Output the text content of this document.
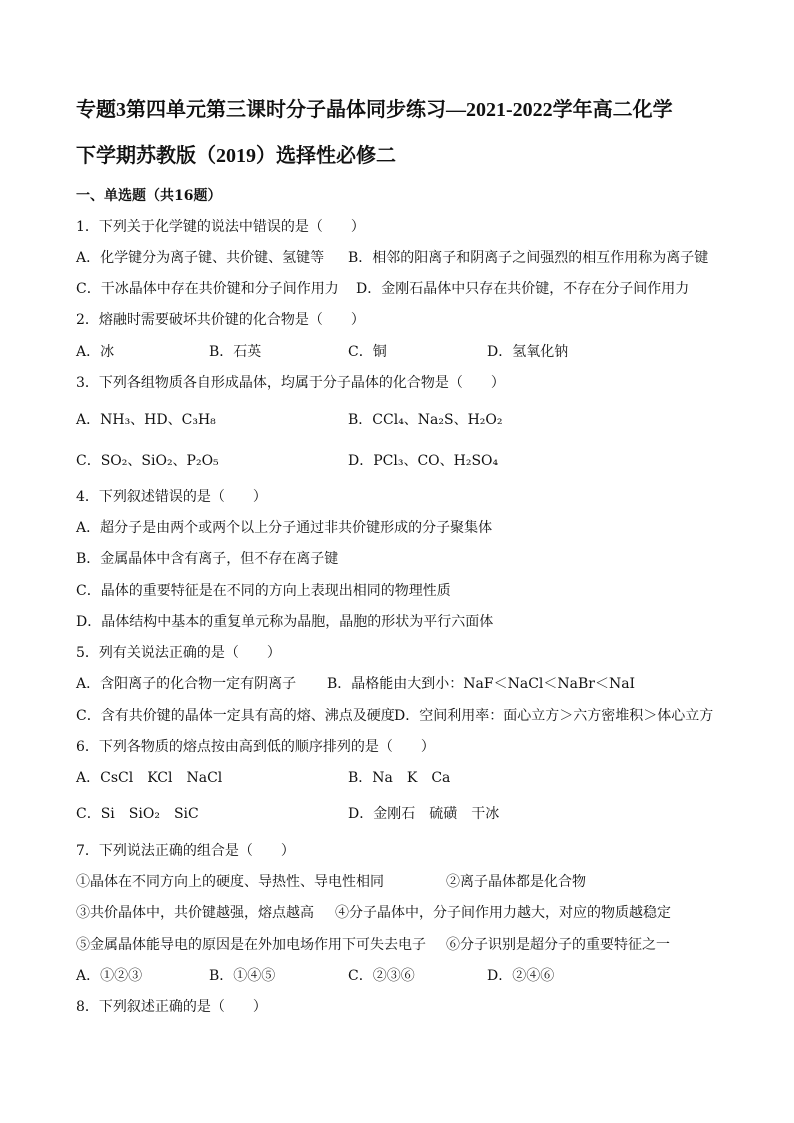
专题3第四单元第三课时分子晶体同步练习—2021-2022学年高二化学
下学期苏教版（2019）选择性必修二
一、单选题（共16题）
1．下列关于化学键的说法中错误的是（　　）
A．化学键分为离子键、共价键、氢键等 B．相邻的阳离子和阴离子之间强烈的相互作用称为离子键
C．干冰晶体中存在共价键和分子间作用力 D．金刚石晶体中只存在共价键，不存在分子间作用力
2．熔融时需要破坏共价键的化合物是（　　）
A．冰	B．石英	C．铜	D．氢氧化钠
3．下列各组物质各自形成晶体，均属于分子晶体的化合物是（　　）
A．NH₃、HD、C₃H₈	B．CCl₄、Na₂S、H₂O₂
C．SO₂、SiO₂、P₂O₅	D．PCl₃、CO、H₂SO₄
4．下列叙述错误的是（　　）
A．超分子是由两个或两个以上分子通过非共价键形成的分子聚集体
B．金属晶体中含有离子，但不存在离子键
C．晶体的重要特征是在不同的方向上表现出相同的物理性质
D．晶体结构中基本的重复单元称为晶胞，晶胞的形状为平行六面体
5．列有关说法正确的是（　　）
A．含阳离子的化合物一定有阴离子 B．晶格能由大到小：NaF＜NaCl＜NaBr＜NaI
C．含有共价键的晶体一定具有高的熔、沸点及硬度 D．空间利用率：面心立方＞六方密堆积＞体心立方
6．下列各物质的熔点按由高到低的顺序排列的是（　　）
A．CsCl　KCl　NaCl	B．Na　K　Ca
C．Si　SiO₂　SiC	D．金刚石　硫磺　干冰
7．下列说法正确的组合是（　　）
①晶体在不同方向上的硬度、导热性、导电性相同	②离子晶体都是化合物
③共价晶体中，共价键越强，熔点越高 ④分子晶体中，分子间作用力越大，对应的物质越稳定
⑤金属晶体能导电的原因是在外加电场作用下可失去电子 ⑥分子识别是超分子的重要特征之一
A．①②③	B．①④⑤	C．②③⑥	D．②④⑥
8．下列叙述正确的是（　　）
